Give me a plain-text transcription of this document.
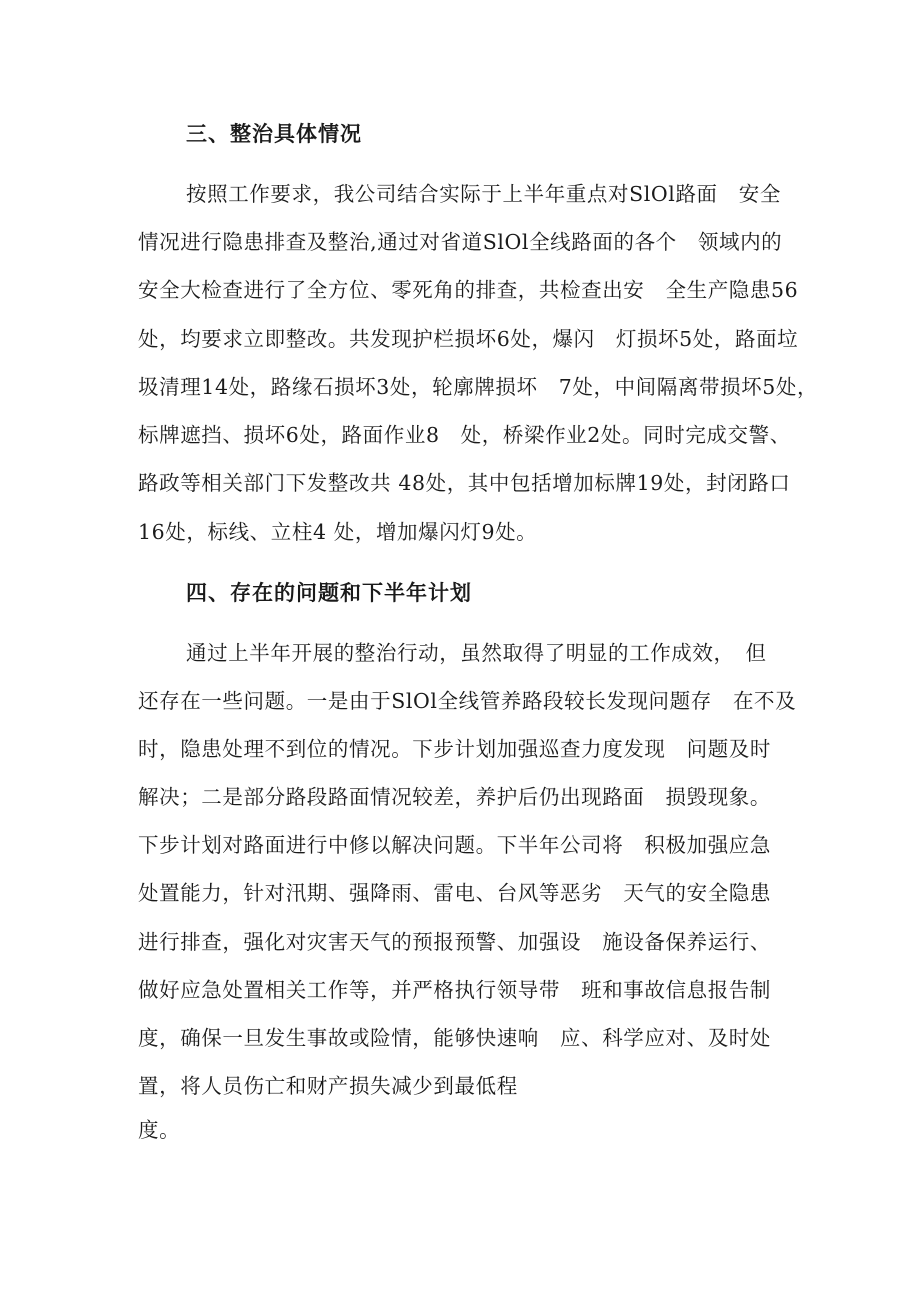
三、整治具体情况

按照工作要求，我公司结合实际于上半年重点对SlOl路面　安全

情况进行隐患排查及整治,通过对省道SlOl全线路面的各个　领域内的

安全大检查进行了全方位、零死角的排查，共检查出安　全生产隐患56

处，均要求立即整改。共发现护栏损坏6处，爆闪　灯损坏5处，路面垃

圾清理14处，路缘石损坏3处，轮廓牌损坏　7处，中间隔离带损坏5处，

标牌遮挡、损坏6处，路面作业8　处，桥梁作业2处。同时完成交警、

路政等相关部门下发整改共 48处，其中包括增加标牌19处，封闭路口

16处，标线、立柱4 处，增加爆闪灯9处。

四、存在的问题和下半年计划

通过上半年开展的整治行动，虽然取得了明显的工作成效，　但

还存在一些问题。一是由于SlOl全线管养路段较长发现问题存　在不及

时，隐患处理不到位的情况。下步计划加强巡查力度发现　问题及时

解决；二是部分路段路面情况较差，养护后仍出现路面　损毁现象。

下步计划对路面进行中修以解决问题。下半年公司将　积极加强应急

处置能力，针对汛期、强降雨、雷电、台风等恶劣　天气的安全隐患

进行排查，强化对灾害天气的预报预警、加强设　施设备保养运行、

做好应急处置相关工作等，并严格执行领导带　班和事故信息报告制

度，确保一旦发生事故或险情，能够快速响　应、科学应对、及时处

置，将人员伤亡和财产损失减少到最低程

度。
